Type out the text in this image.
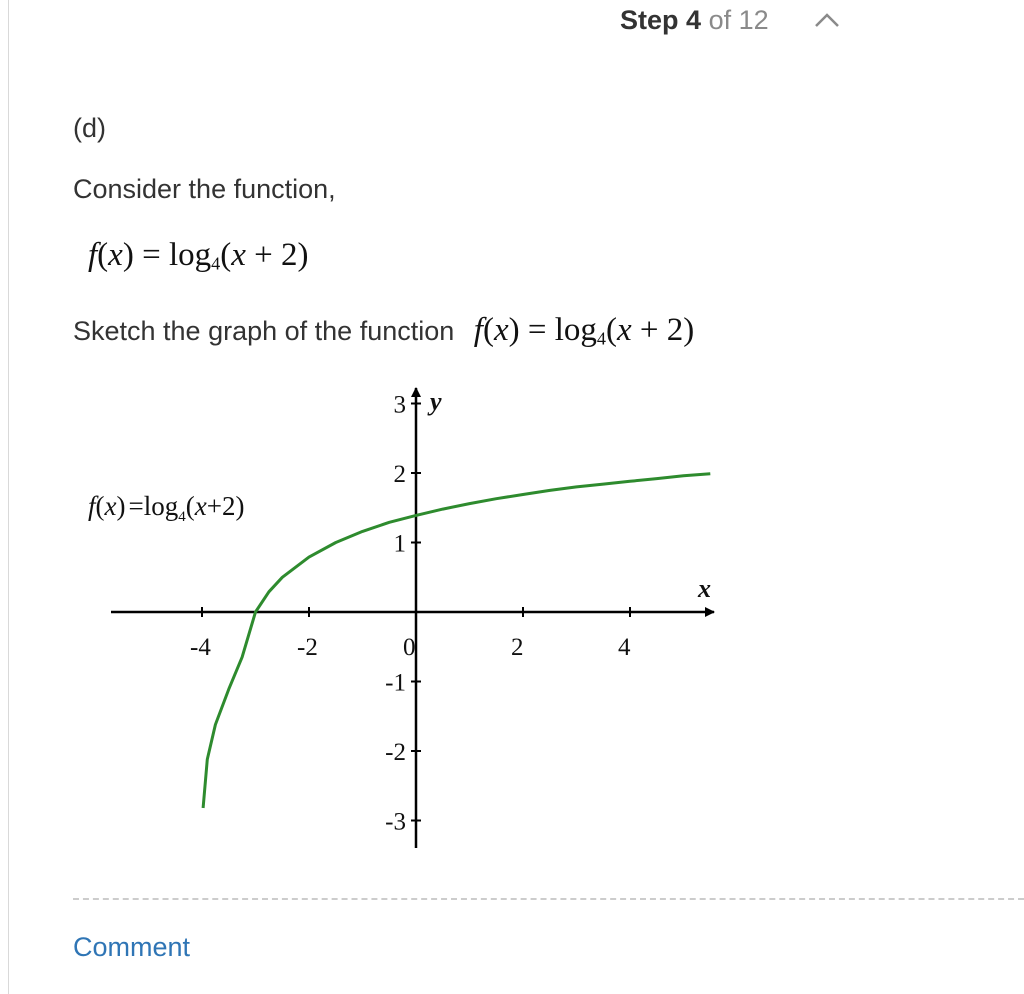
Step 4 of 12
(d)
Consider the function,
$f(x) = \log_4(x + 2)$
Sketch the graph of the function $f(x) = \log_4(x + 2)$
-4	-2	0	2	4
3
2
1
-1
-2
-3
x
y
$f(x) =\log_4(x+2)$
Comment
